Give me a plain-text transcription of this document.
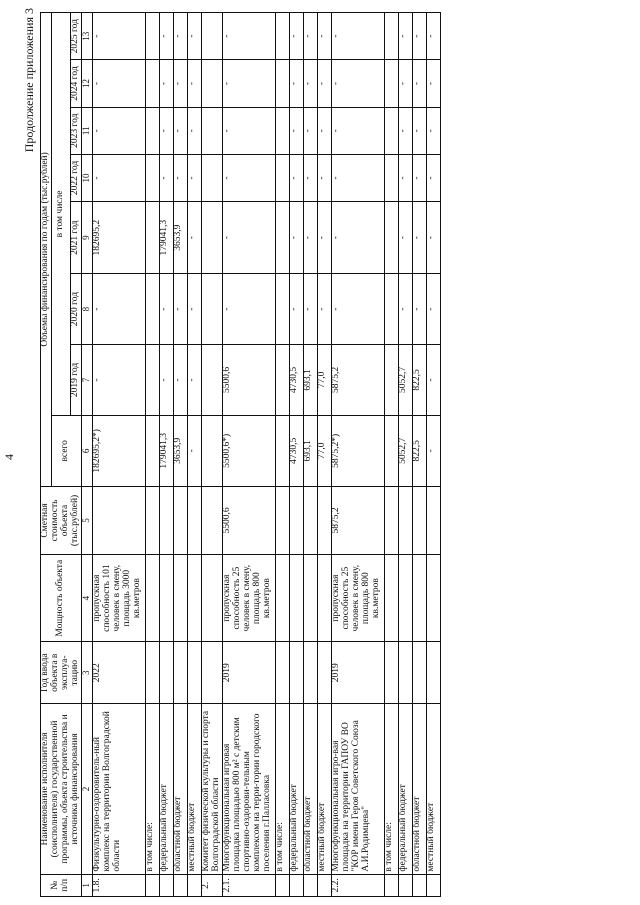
4
Продолжение приложения 3
№ п/п	Наименование исполнителя (соисполнителя) государственной программы, объекта строительства и источника финансирования	Год ввода объекта в эксплуа-тацию	Мощность объекта	Сметная стоимость объекта (тыс.рублей)	Объемы финансирования по годам (тыс.рублей)							
					всего	в том числе						
						2019 год	2020 год	2021 год	2022 год	2023 год	2024 год	2025 год
1	2	3	4	5	6	7	8	9	10	11	12	13
1.8.	Физкультурно-оздоровитель-ный комплекс на территории Волгоградской области	2022	пропускная способность 101 человек в смену, площадь 3000 кв.метров		182695,2*)	-	-	182695,2	-	-	-	-
	в том числе:											
	федеральный бюджет				179041,3	-	-	179041,3	-	-	-	-
	областной бюджет				3653,9	-	-	3653,9	-	-	-	-
	местный бюджет				-	-	-	-	-	-	-	-
2.	Комитет физической культуры и спорта Волгоградской области											
2.1.	Многофункциональная игровая площадка площадью 800 м² с детским спортивно-оздорови-тельным комплексом на терри-тории городского поселения г.Палласовка	2019	пропускная способность 25 человек в смену, площадь 800 кв.метров	5500,6	5500,6*)	5500,6	-	-	-	-	-	-
	в том числе:											
	федеральный бюджет				4730,5	4730,5	-	-	-	-	-	-
	областной бюджет				693,1	693,1	-	-	-	-	-	-
	местный бюджет				77,0	77,0	-	-	-	-	-	-
2.2.	Многофункциональная игро-вая площадка на территории ГАПОУ ВО "КОР имени Героя Советского Союза А.И.Родимцева"	2019	пропускная способность 25 человек в смену, площадь 800 кв.метров	5875,2	5875,2*)	5875,2	-	-	-	-	-	-
	в том числе:											
	федеральный бюджет				5052,7	5052,7	-	-	-	-	-	-
	областной бюджет				822,5	822,5	-	-	-	-	-	-
	местный бюджет				-	-	-	-	-	-	-	-
